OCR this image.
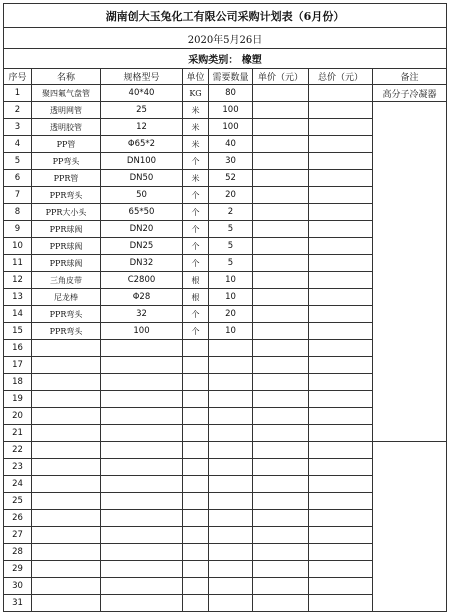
湖南创大玉兔化工有限公司采购计划表（6月份）							
2020年5月26日							
采购类别： 橡塑							
序号	名称	规格型号	单位	需要数量	单价（元）	总价（元）	备注
1	聚四氟气盘管	40*40	KG	80			高分子冷凝器
2	透明网管	25	米	100			
3	透明胶管	12	米	100			
4	PP管	Φ65*2	米	40			
5	PP弯头	DN100	个	30			
6	PPR管	DN50	米	52			
7	PPR弯头	50	个	20			
8	PPR大小头	65*50	个	2			
9	PPR球阀	DN20	个	5			
10	PPR球阀	DN25	个	5			
11	PPR球阀	DN32	个	5			
12	三角皮带	C2800	根	10			
13	尼龙棒	Φ28	根	10			
14	PPR弯头	32	个	20			
15	PPR弯头	100	个	10			
16							
17							
18							
19							
20							
21							
22							
23							
24							
25							
26							
27							
28							
29							
30							
31							
